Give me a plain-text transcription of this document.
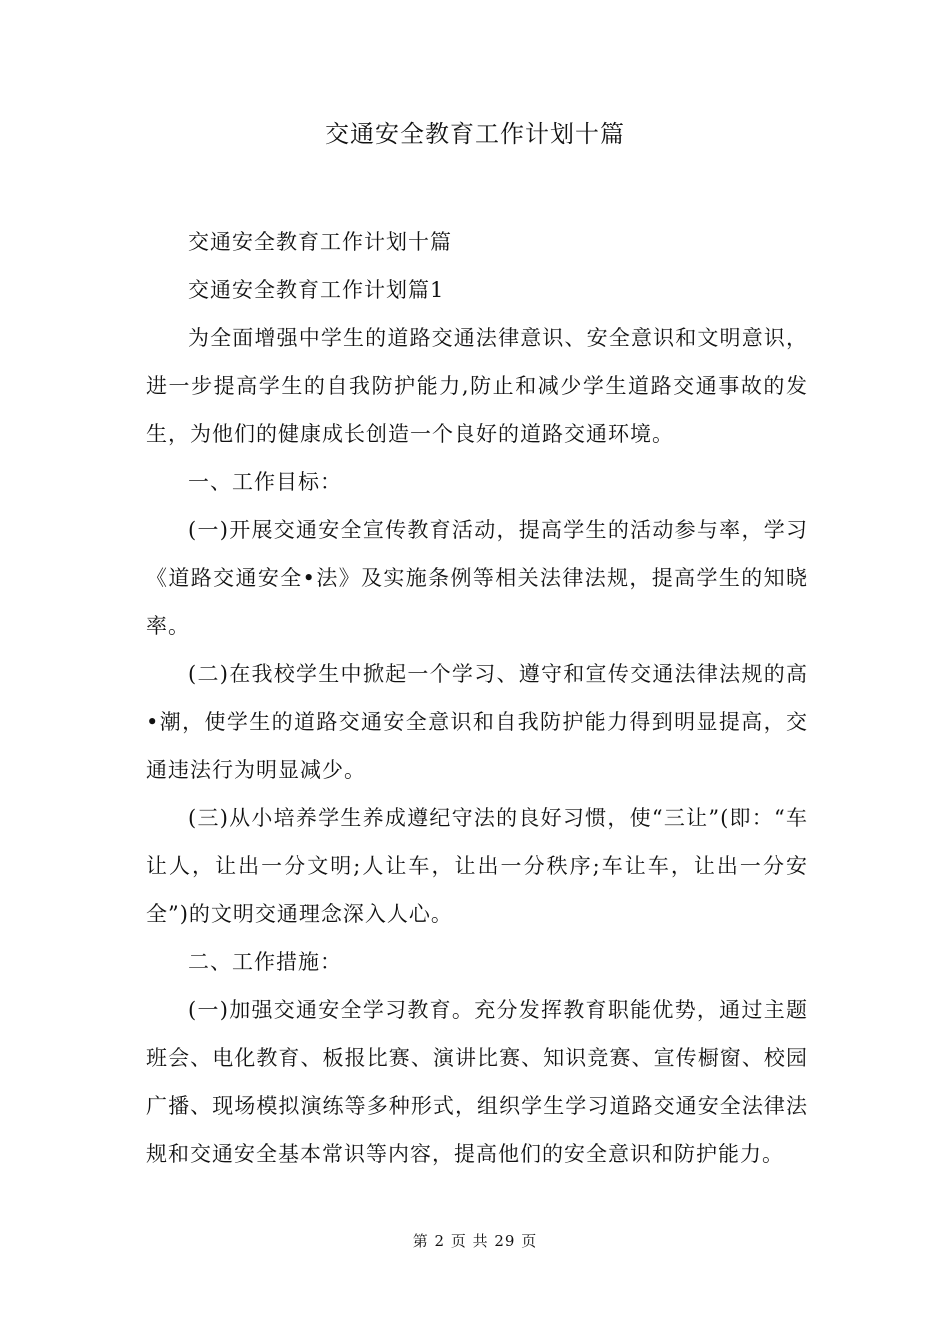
交通安全教育工作计划十篇

交通安全教育工作计划十篇

交通安全教育工作计划篇1

为全面增强中学生的道路交通法律意识、安全意识和文明意识，进一步提高学生的自我防护能力,防止和减少学生道路交通事故的发生，为他们的健康成长创造一个良好的道路交通环境。

一、工作目标：

(一)开展交通安全宣传教育活动，提高学生的活动参与率，学习《道路交通安全•法》及实施条例等相关法律法规，提高学生的知晓率。

(二)在我校学生中掀起一个学习、遵守和宣传交通法律法规的高•潮，使学生的道路交通安全意识和自我防护能力得到明显提高，交通违法行为明显减少。

(三)从小培养学生养成遵纪守法的良好习惯，使“三让”(即：“车让人，让出一分文明;人让车，让出一分秩序;车让车，让出一分安全”)的文明交通理念深入人心。

二、工作措施：

(一)加强交通安全学习教育。充分发挥教育职能优势，通过主题班会、电化教育、板报比赛、演讲比赛、知识竞赛、宣传橱窗、校园广播、现场模拟演练等多种形式，组织学生学习道路交通安全法律法规和交通安全基本常识等内容，提高他们的安全意识和防护能力。

第 2 页 共 29 页
